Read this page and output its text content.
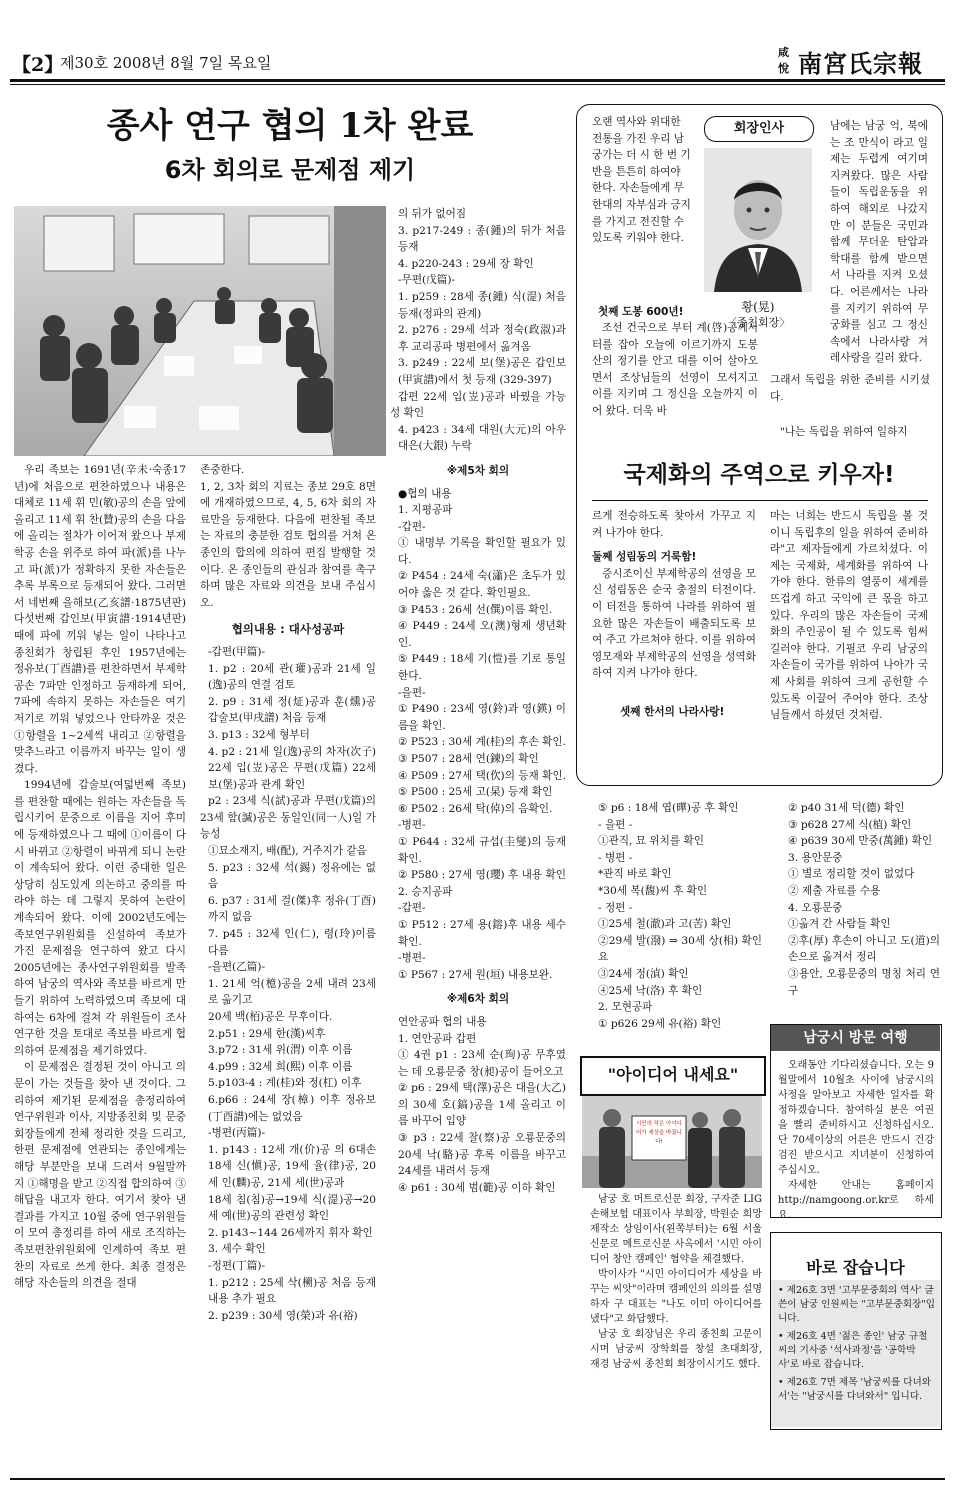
【2】
제30호 2008년 8월 7일 목요일
咸
悅 南宮氏宗報
종사 연구 협의 1차 완료
6차 회의로 문제점 제기

우리 족보는 1691년(辛未·숙종17년)에 처음으로 편찬하였으나 내용은 대체로 11세 휘 민(敏)공의 손을 앞에 올리고 11세 휘 찬(贊)공의 손을 다음에 올리는 절차가 이어져 왔으나 부제학공 손을 위주로 하여 파(派)를 나누고 파(派)가 정확하지 못한 자손들은 추록 부록으로 등재되어 왔다. 그러면서 네번째 을해보(乙亥譜·1875년판) 다섯번째 갑인보(甲寅譜·1914년판)때에 파에 끼워 넣는 일이 나타나고 종친회가 창립된 후인 1957년에는 정유보(丁酉譜)를 편찬하면서 부제학공손 7파만 인정하고 등재하게 되어, 7파에 속하지 못하는 자손들은 여기 저기로 끼워 넣었으나 안타까운 것은 ①항렬을 1~2세씩 내리고 ②항렬을 맞추느라고 이름까지 바꾸는 일이 생겼다.

1994년에 갑술보(여덟번째 족보)를 편찬할 때에는 원하는 자손들을 독립시키어 문중으로 이름을 지어 후미에 등재하였으나 그 때에 ①이름이 다시 바뀌고 ②항렬이 바뀌게 되니 논란이 계속되어 왔다. 이런 중대한 일은 상당히 심도있게 의논하고 중의를 따라야 하는 데 그렇지 못하여 논란이 계속되어 왔다. 이에 2002년도에는 족보연구위원회를 신설하여 족보가 가진 문제점을 연구하여 왔고 다시 2005년에는 종사연구위원회를 발족하여 남궁의 역사와 족보를 바르게 만들기 위하여 노력하였으며 족보에 대하여는 6차에 걸쳐 각 위원들이 조사 연구한 것을 토대로 족보를 바르게 협의하여 문제점을 제기하였다.

이 문제점은 결정된 것이 아니고 의문이 가는 것들을 찾아 낸 것이다. 그리하여 제기된 문제점을 총정리하여 연구위원과 이사, 지방종친회 및 문중 회장들에게 전체 정리한 것을 드리고, 한편 문제점에 연관되는 종인에게는 해당 부분만을 보내 드려서 9월말까지 ①해명을 받고 ②직접 합의하여 ③해답을 내고자 한다. 여기서 찾아 낸 결과를 가지고 10월 중에 연구위원들이 모여 총정리를 하여 새로 조직하는 족보편찬위원회에 인계하여 족보 편찬의 자료로 쓰게 한다. 최종 결정은 해당 자손들의 의견을 절대

존중한다.
1, 2, 3차 회의 지료는 종보 29호 8면에 개재하였으므로, 4, 5, 6차 회의 자료만을 등재한다. 다음에 편찬될 족보는 자료의 충분한 검토 협의를 거쳐 온 종인의 합의에 의하여 편집 발행할 것이다. 온 종인들의 관심과 참여를 촉구하며 많은 자료와 의견을 보내 주십시오.

협의내용 : 대사성공파
-갑편(甲篇)-
1. p2 : 20세 관(瓘)공과 21세 일(逸)공의 연결 검토
2. p9 : 31세 정(炡)공과 훈(燻)공 갑술보(甲戌譜) 처음 등재
3. p13 : 32세 형부터
4. p2 : 21세 일(逸)공의 차자(次子) 22세 입(岦)공은 무편(戊篇) 22세 보(堡)공과 관계 확인
p2 : 23세 식(試)공과 무편(戊篇)의 23세 함(諴)공은 동일인(同一人)일 가능성
①묘소재지, 배(配), 거주지가 같음
5. p23 : 32세 석(錫) 정유에는 없음
6. p37 : 31세 걸(傑)후 정유(丁酉)까지 없음
7. p45 : 32세 인(仁), 령(玲)이름 다름
-을편(乙篇)-
1. 21세 억(檍)공을 2세 내려 23세로 옮기고
20세 백(栢)공은 무후이다.
2.p51 : 29세 한(漢)씨후
3.p72 : 31세 위(渭) 이후 이름
4.p99 : 32세 희(熙) 이후 이름
5.p103-4 : 계(桂)와 정(杠) 이후
6.p66 : 24세 장(樟) 이후 정유보(丁酉譜)에는 없었음
-병편(丙篇)-
1. p143 : 12세 개(价)공 의 6대손 18세 신(愼)공, 19세 율(律)공, 20세 인(麟)공, 21세 세(世)공과
18세 침(침)공→19세 식(湜)공→20세 예(世)공의 관련성 확인
2. p143~144 26세까지 휘자 확인
3. 세수 확인
-정편(丁篇)-
1. p212 : 25세 삭(㮶)공 처음 등재 내용 추가 필요
2. p239 : 30세 영(榮)과 유(裕)
의 뒤가 없어짐
3. p217-249 : 종(鍾)의 뒤가 처음 등재
4. p220-243 : 29세 장 확인
-무편(戊篇)-
1. p259 : 28세 종(鍾) 식(湜) 처음 등재(정파의 관계)
2. p276 : 29세 석과 정숙(政淑)과 후 교리공파 병편에서 옮겨옴
3. p249 : 22세 보(堡)공은 갑인보(甲寅譜)에서 첫 등재 (329-397)
갑편 22세 입(岦)공과 바꿨을 가능성 확인
4. p423 : 34세 대원(大元)의 아우 대은(大銀) 누락
※제5차 회의
●협의 내용
1. 지평공파
-갑편-
① 내명부 기록을 확인할 필요가 있다.
② P454 : 24세 숙(瀟)은 초두가 있어야 옳은 것 같다. 확인필요.
③ P453 : 26세 선(僎)이름 확인.
④ P449 : 24세 오(澳)형제 생년확인.
⑤ P449 : 18세 기(愷)를 기로 통일한다.
-을편-
① P490 : 23세 영(鈴)과 영(鍈) 이름을 확인.
② P523 : 30세 계(桂)의 후손 확인.
③ P507 : 28세 연(鍊)의 확인
④ P509 : 27세 택(㐸)의 등재 확인.
⑤ P500 : 25세 고(杲) 등재 확인
⑥ P502 : 26세 탁(倬)의 음확인.
-병편-
① P644 : 32세 규섭(圭燮)의 등재 확인.
② P580 : 27세 영(瓔) 후 내용 확인
2. 승지공파
-갑편-
① P512 : 27세 용(鎔)후 내용 세수 확인.
-병편-
① P567 : 27세 원(垣) 내용보완.
※제6차 회의
연안공파 협의 내용
1. 연안공파 갑편
① 4권 p1 : 23세 순(珣)공 무후였는 데 오룡문중 창(昶)공이 들어오고
② p6 : 29세 택(澤)공은 대을(大乙)의 30세 호(鎬)공을 1세 올리고 이름 바꾸어 입양
③ p3 : 22세 찰(察)공 오룡문중의 20세 낙(駱)공 후록 이름을 바꾸고 24세를 내려서 등재
④ p61 : 30세 범(範)공 이하 확인
오랜 역사와 위대한 전통을 가진 우리 남궁가는 더 시 한 번 기반을 튼튼히 하여야 한다. 자손들에게 무한대의 자부심과 긍지를 가지고 전진할 수 있도록 키워야 한다.
회장인사
황(晃)
〈종친회장〉
첫째 도봉 600년!
조선 건국으로 부터 계(啓)공께서 터를 잡아 오늘에 이르기까지 도봉산의 정기를 안고 대를 이어 살아오면서 조상님들의 선영이 모셔지고 이를 지키며 그 정신을 오늘까지 이어 왔다. 더욱 바
남에는 남궁 억, 북에는 조 만식이 라고 일제는 두렵게 여기며 지켜왔다. 많은 사람들이 독립운동을 위하여 해외로 나갔지만 이 분들은 국민과 함께 무더운 탄압과 학대를 함께 받으면서 나라를 지켜 오셨다. 어른께서는 나라를 지키기 위하여 무궁화를 심고 그 정신속에서 나라사랑 겨레사랑을 길러 왔다.
그래서 독립을 위한 준비를 시키셨다.
"나는 독립을 위하여 일하지
국제화의 주역으로 키우자!
르게 전승하도록 찾아서 가꾸고 지켜 나가야 한다.
둘째 성림동의 거룩함!
증시조이신 부제학공의 선영을 모신 성림동은 순국 충절의 터전이다. 이 터전을 통하여 나라를 위하여 필요한 많은 자손들이 배출되도록 보여 주고 가르쳐야 한다. 이를 위하여 영모재와 부제학공의 선영을 성역화하여 지켜 나가야 한다.
셋째 한서의 나라사랑!
마는 너희는 반드시 독립을 볼 것이니 독립후의 일을 위하여 준비하라"고 제자들에게 가르치셨다. 이제는 국제화, 세계화를 위하여 나가야 한다. 한류의 열풍이 세계를 뜨겁게 하고 국익에 큰 몫을 하고 있다. 우리의 많은 자손들이 국제화의 주인공이 될 수 있도록 힘써 길러야 한다. 기필코 우리 남궁의 자손들이 국가를 위하여 나아가 국제 사회를 위하여 크게 공헌할 수 있도록 이끌어 주어야 한다. 조상님들께서 하셨던 것처럼.
⑤ p6 : 18세 엽(曄)공 후 확인
- 을편 -
①관직, 묘 위치를 확인
- 병편 -
*관직 바로 확인
*30세 복(馥)씨 후 확인
- 정편 -
①25세 철(澈)과 고(苦) 확인
②29세 발(潑) ⇒ 30세 상(相) 확인 요
③24세 정(湞) 확인
④25세 낙(洛) 후 확인
2. 모현공파
① p626 29세 유(裕) 확인
② p40 31세 덕(德) 확인
③ p628 27세 식(植) 확인
④ p639 30세 만중(萬鍾) 확인
3. 용안문중
① 별로 정리할 것이 없었다
② 제출 자료를 수용
4. 오룡문중
①옮겨 간 사람들 확인
②후(厚) 후손이 아니고 도(道)의 손으로 옮겨서 정리
③용안, 오룡문중의 명칭 처리 연구
"아이디어 내세요"
시민의 작은 아이디어가 세상을 바꿉니다!
남궁 호 머트로신문 회장, 구자준 LIG 손해보험 대표이사 부회장, 박원순 희망제작소 상임이사(왼쪽부터)는 6월 서울 신문로 메트로신문 사옥에서 '시민 아이디어 창안 캠페인' 협약을 체결했다.
박이사가 "시민 아이디어가 세상을 바꾸는 씨앗"이라며 캠페인의 의의를 설명하자 구 대표는 "나도 이미 아이디어를 냈다"고 화답했다.
남궁 호 회장님은 우리 종친회 고문이시며 남궁씨 장학회를 창설 초대회장, 재경 남궁씨 종친회 회장이시기도 했다.
남궁시 방문 여행
오래동안 기다리셨습니다. 오는 9월말에서 10월초 사이에 남궁시의 사정을 알아보고 자세한 일자를 확정하겠습니다. 참여하실 분은 여권을 빨리 준비하시고 신청하십시오. 단 70세이상의 어른은 반드시 건강검진 받으시고 지녀분이 신청하여 주십시오.
자세한 안내는 홈페이지 http://namgoong.or.kr로 하세요.
바로 잡습니다
• 제26호 3면 '고부문중회의 역사' 글쓴이 남궁 인원씨는 "고부문중회장"입니다.
• 제26호 4면 '젊은 종인' 남궁 규철씨의 기사중 '석사과정'을 '공학박사'로 바로 잡습니다.
• 제26호 7면 제목 '남궁씨를 다녀와서'는 "남궁시를 다녀와서" 입니다.
